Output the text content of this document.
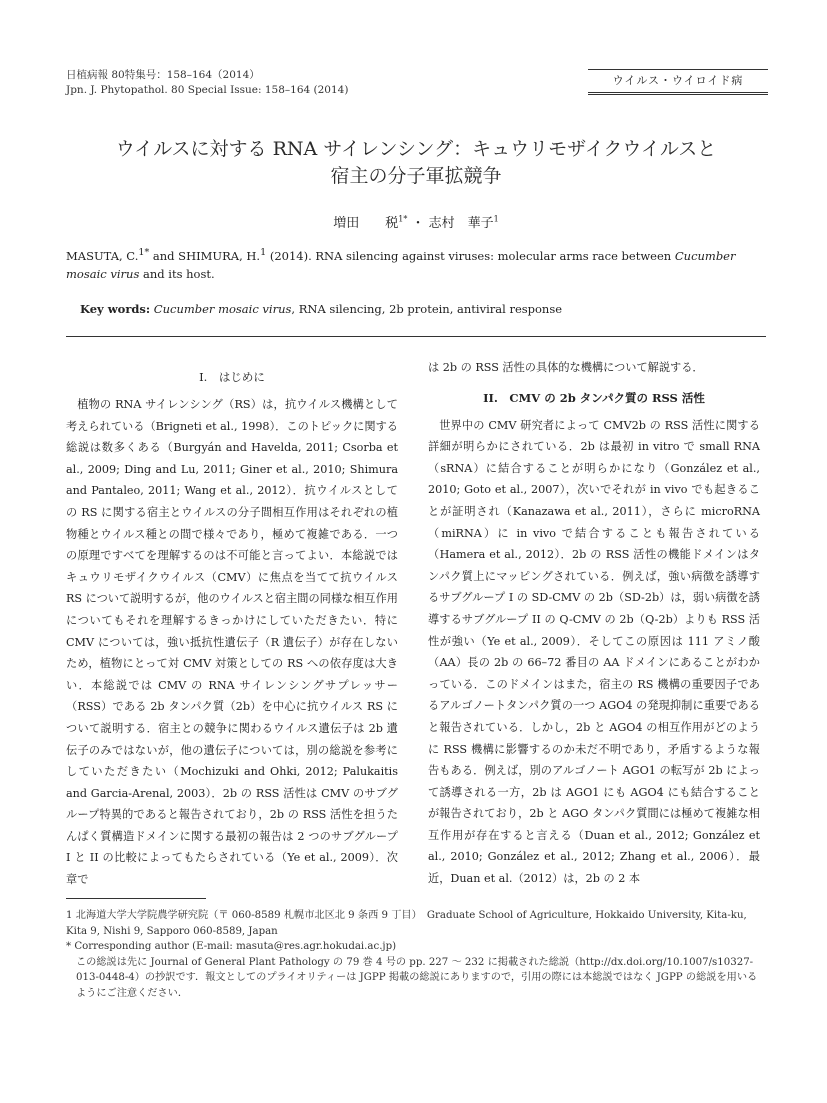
日植病報 80特集号：158–164（2014）
Jpn. J. Phytopathol. 80 Special Issue: 158–164 (2014)
ウイルス・ウイロイド病
ウイルスに対する RNA サイレンシング：キュウリモザイクウイルスと
宿主の分子軍拡競争
増田　　税$^{1*}$ ・ 志村　華子$^1$
MASUTA, C.$^{1*}$ and SHIMURA, H.$^1$ (2014). RNA silencing against viruses: molecular arms race between Cucumber mosaic virus and its host.
Key words: Cucumber mosaic virus, RNA silencing, 2b protein, antiviral response
I.　はじめに

植物の RNA サイレンシング（RS）は，抗ウイルス機構として考えられている（Brigneti et al., 1998）．このトピックに関する総説は数多くある（Burgyán and Havelda, 2011; Csorba et al., 2009; Ding and Lu, 2011; Giner et al., 2010; Shimura and Pantaleo, 2011; Wang et al., 2012）．抗ウイルスとしての RS に関する宿主とウイルスの分子間相互作用はそれぞれの植物種とウイルス種との間で様々であり，極めて複雑である．一つの原理ですべてを理解するのは不可能と言ってよい．本総説ではキュウリモザイクウイルス（CMV）に焦点を当てて抗ウイルス RS について説明するが，他のウイルスと宿主間の同様な相互作用についてもそれを理解するきっかけにしていただきたい．特に CMV については，強い抵抗性遺伝子（R 遺伝子）が存在しないため，植物にとって対 CMV 対策としての RS への依存度は大きい．本総説では CMV の RNA サイレンシングサプレッサー（RSS）である 2b タンパク質（2b）を中心に抗ウイルス RS について説明する．宿主との競争に関わるウイルス遺伝子は 2b 遺伝子のみではないが，他の遺伝子については，別の総説を参考にしていただきたい（Mochizuki and Ohki, 2012; Palukaitis and Garcia-Arenal, 2003）．2b の RSS 活性は CMV のサブグループ特異的であると報告されており，2b の RSS 活性を担うたんぱく質構造ドメインに関する最初の報告は 2 つのサブグループ I と II の比較によってもたらされている（Ye et al., 2009）．次章で

は 2b の RSS 活性の具体的な機構について解説する．

II.　CMV の 2b タンパク質の RSS 活性

世界中の CMV 研究者によって CMV2b の RSS 活性に関する詳細が明らかにされている．2b は最初 in vitro で small RNA（sRNA）に結合することが明らかになり（González et al., 2010; Goto et al., 2007），次いでそれが in vivo でも起きることが証明され（Kanazawa et al., 2011），さらに microRNA（miRNA）に in vivo で結合することも報告されている（Hamera et al., 2012）．2b の RSS 活性の機能ドメインはタンパク質上にマッピングされている．例えば，強い病徴を誘導するサブグループ I の SD-CMV の 2b（SD-2b）は，弱い病徴を誘導するサブグループ II の Q-CMV の 2b（Q-2b）よりも RSS 活性が強い（Ye et al., 2009）．そしてこの原因は 111 アミノ酸（AA）長の 2b の 66–72 番目の AA ドメインにあることがわかっている．このドメインはまた，宿主の RS 機構の重要因子であるアルゴノートタンパク質の一つ AGO4 の発現抑制に重要であると報告されている．しかし，2b と AGO4 の相互作用がどのように RSS 機構に影響するのか未だ不明であり，矛盾するような報告もある．例えば，別のアルゴノート AGO1 の転写が 2b によって誘導される一方，2b は AGO1 にも AGO4 にも結合することが報告されており，2b と AGO タンパク質間には極めて複雑な相互作用が存在すると言える（Duan et al., 2012; González et al., 2010; González et al., 2012; Zhang et al., 2006）．最近，Duan et al.（2012）は，2b の 2 本

1 北海道大学大学院農学研究院（〒 060-8589 札幌市北区北 9 条西 9 丁目）　Graduate School of Agriculture, Hokkaido University, Kita-ku, Kita 9, Nishi 9, Sapporo 060-8589, Japan
* Corresponding author (E-mail: masuta@res.agr.hokudai.ac.jp)
この総説は先に Journal of General Plant Pathology の 79 巻 4 号の pp. 227 ～ 232 に掲載された総説（http://dx.doi.org/10.1007/s10327-013-0448-4）の抄訳です．報文としてのプライオリティーは JGPP 掲載の総説にありますので，引用の際には本総説ではなく JGPP の総説を用いるようにご注意ください．
